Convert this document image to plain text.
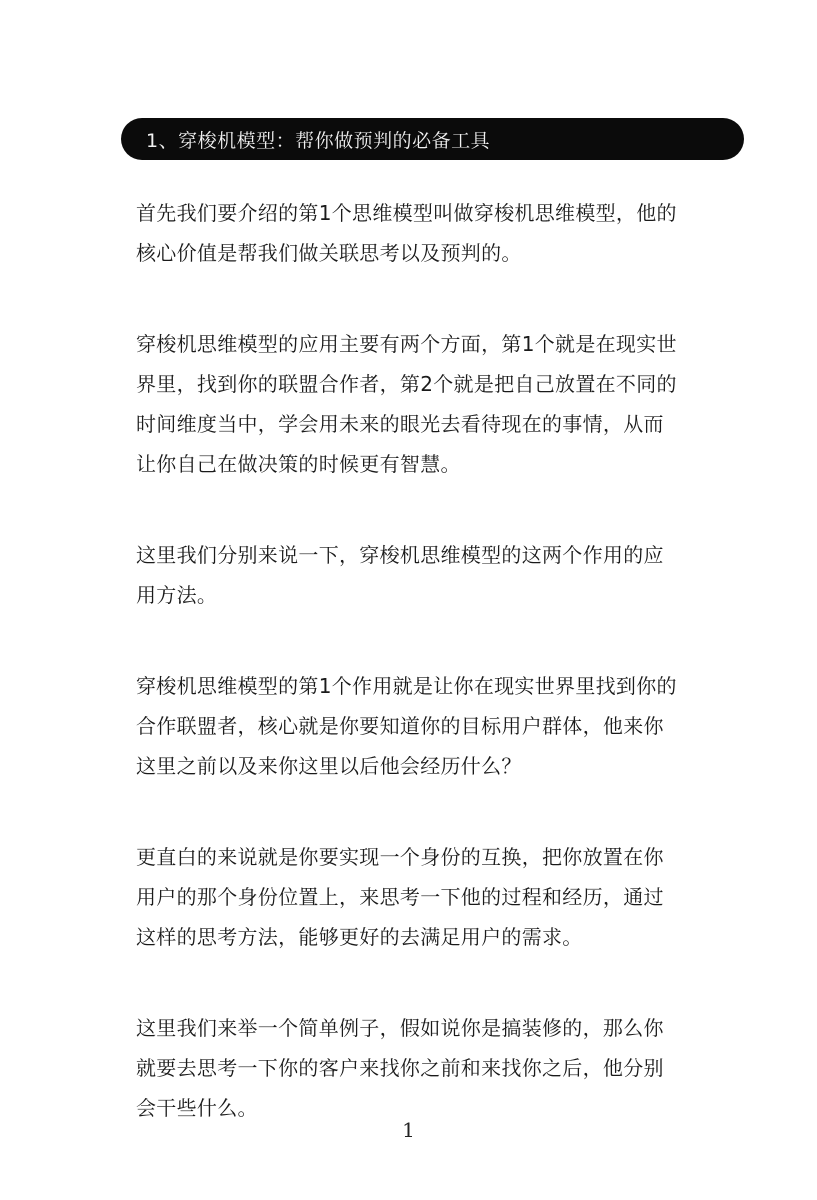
1、穿梭机模型：帮你做预判的必备工具

首先我们要介绍的第1个思维模型叫做穿梭机思维模型，他的
核心价值是帮我们做关联思考以及预判的。

穿梭机思维模型的应用主要有两个方面，第1个就是在现实世
界里，找到你的联盟合作者，第2个就是把自己放置在不同的
时间维度当中，学会用未来的眼光去看待现在的事情，从而
让你自己在做决策的时候更有智慧。

这里我们分别来说一下，穿梭机思维模型的这两个作用的应
用方法。

穿梭机思维模型的第1个作用就是让你在现实世界里找到你的
合作联盟者，核心就是你要知道你的目标用户群体，他来你
这里之前以及来你这里以后他会经历什么？

更直白的来说就是你要实现一个身份的互换，把你放置在你
用户的那个身份位置上，来思考一下他的过程和经历，通过
这样的思考方法，能够更好的去满足用户的需求。

这里我们来举一个简单例子，假如说你是搞装修的，那么你
就要去思考一下你的客户来找你之前和来找你之后，他分别
会干些什么。

1
